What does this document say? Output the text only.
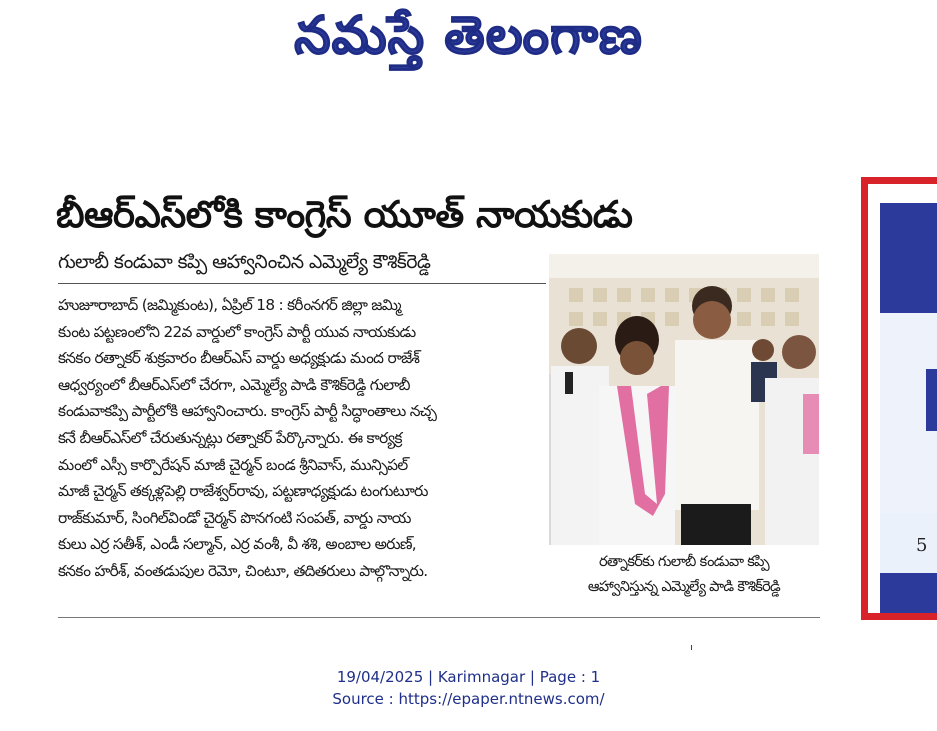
నమస్తే తెలంగాణ
బీఆర్ఎస్‌లోకి కాంగ్రెస్ యూత్ నాయకుడు
గులాబీ కండువా కప్పి ఆహ్వానించిన ఎమ్మెల్యే కౌశిక్‌రెడ్డి
హుజూరాబాద్ (జమ్మికుంట), ఏప్రిల్ 18 : కరీంనగర్ జిల్లా జమ్మి
కుంట పట్టణంలోని 22వ వార్డులో కాంగ్రెస్ పార్టీ యువ నాయకుడు
కనకం రత్నాకర్ శుక్రవారం బీఆర్ఎస్ వార్డు అధ్యక్షుడు మంద రాజేశ్
ఆధ్వర్యంలో బీఆర్ఎస్‌లో చేరగా, ఎమ్మెల్యే పాడి కౌశిక్‌రెడ్డి గులాబీ
కండువాకప్పి పార్టీలోకి ఆహ్వానించారు. కాంగ్రెస్ పార్టీ సిద్ధాంతాలు నచ్చ
కనే బీఆర్ఎస్‌లో చేరుతున్నట్లు రత్నాకర్ పేర్కొన్నారు. ఈ కార్యక్ర
మంలో ఎస్సీ కార్పొరేషన్ మాజీ చైర్మన్ బండ శ్రీనివాస్, మున్సిపల్
మాజీ చైర్మన్ తక్కళ్లపెల్లి రాజేశ్వర్‌రావు, పట్టణాధ్యక్షుడు టంగుటూరు
రాజ్‌కుమార్, సింగిల్‌విండో చైర్మన్ పొనగంటి సంపత్, వార్డు నాయ
కులు ఎర్ర సతీశ్, ఎండీ సల్మాన్, ఎర్ర వంశీ, వీ శశి, అంబాల అరుణ్,
కనకం హరీశ్, వంతడుపుల రెమో, చింటూ, తదితరులు పాల్గొన్నారు.	రత్నాకర్‌కు గులాబీ కండువా కప్పి
ఆహ్వానిస్తున్న ఎమ్మెల్యే పాడి కౌశిక్‌రెడ్డి
19/04/2025 | Karimnagar | Page : 1
Source : https://epaper.ntnews.com/
5
